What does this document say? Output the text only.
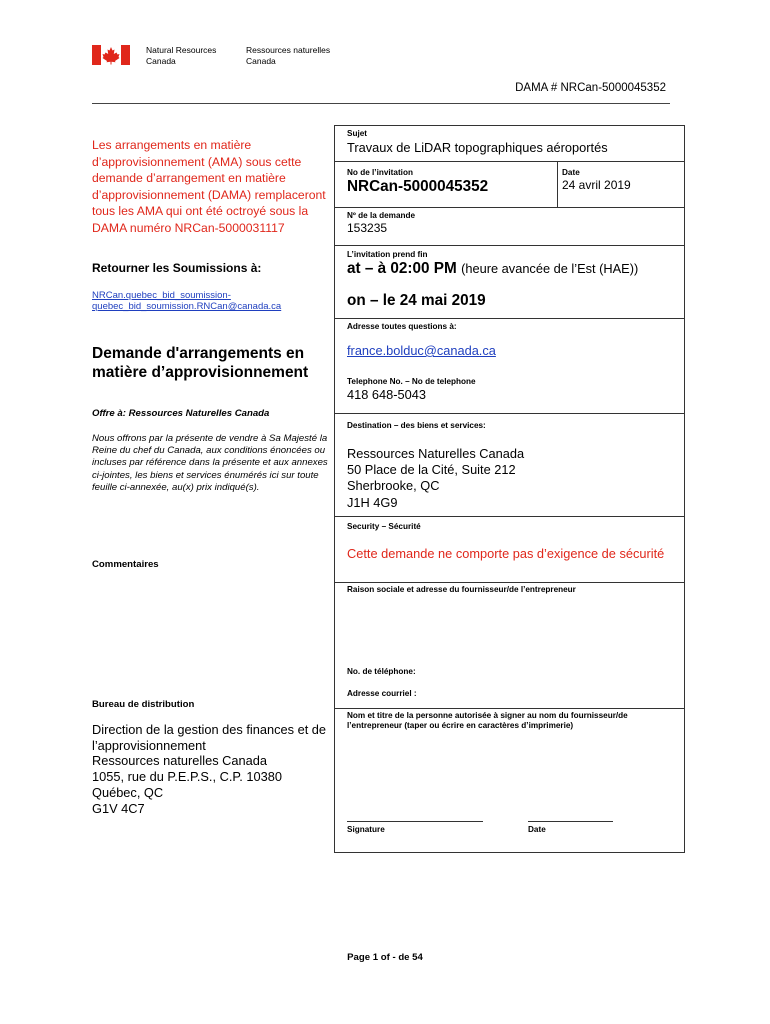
Natural Resources
Canada
Ressources naturelles
Canada
DAMA # NRCan-5000045352
Les arrangements en matière d’approvisionnement (AMA) sous cette demande d’arrangement en matière d’approvisionnement (DAMA) remplaceront tous les AMA qui ont été octroyé sous la DAMA numéro NRCan-5000031117
Retourner les Soumissions à:
NRCan.quebec_bid_soumission-
quebec_bid_soumission.RNCan@canada.ca
Demande d'arrangements en
matière d’approvisionnement
Offre à: Ressources Naturelles Canada
Nous offrons par la présente de vendre à Sa Majesté la Reine du chef du Canada, aux conditions énoncées ou incluses par référence dans la présente et aux annexes ci-jointes, les biens et services énumérés ici sur toute feuille ci-annexée, au(x) prix indiqué(s).
Commentaires
Bureau de distribution
Direction de la gestion des finances et de
l’approvisionnement
Ressources naturelles Canada
1055, rue du P.E.P.S., C.P. 10380
Québec, QC
G1V 4C7
Sujet
Travaux de LiDAR topographiques aéroportés
No de l’invitation
NRCan-5000045352
Date
24 avril 2019
Nº de la demande
153235
L’invitation prend fin
at – à 02:00 PM (heure avancée de l’Est (HAE))
on – le 24 mai 2019
Adresse toutes questions à:
france.bolduc@canada.ca
Telephone No. – No de telephone
418 648-5043
Destination – des biens et services:
Ressources Naturelles Canada
50 Place de la Cité, Suite 212
Sherbrooke, QC
J1H 4G9
Security – Sécurité
Cette demande ne comporte pas d’exigence de sécurité
Raison sociale et adresse du fournisseur/de l’entrepreneur
No. de téléphone:
Adresse courriel :
Nom et titre de la personne autorisée à signer au nom du fournisseur/de l’entrepreneur (taper ou écrire en caractères d’imprimerie)
Signature	Date
Page 1 of - de 54
